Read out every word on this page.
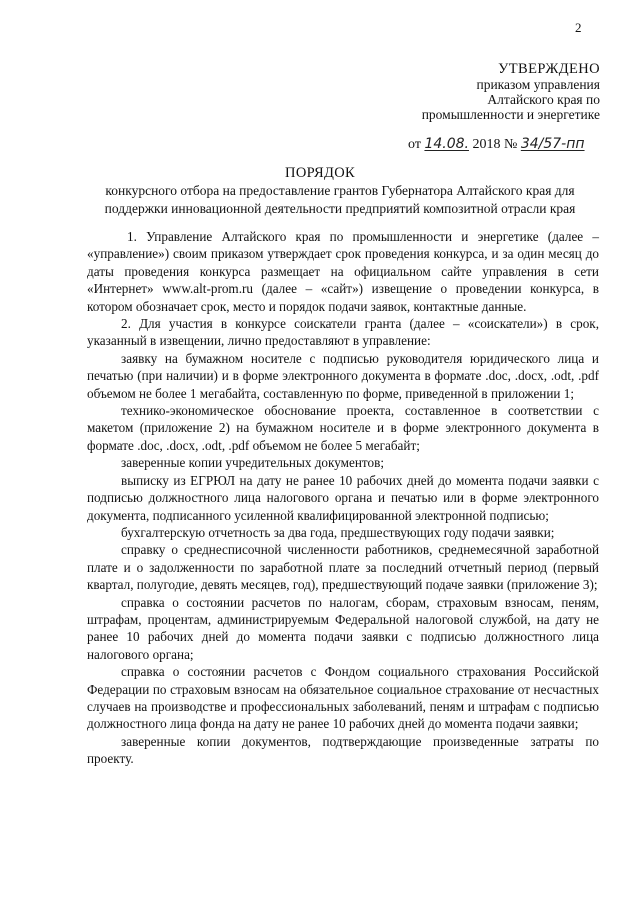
2
УТВЕРЖДЕНО
приказом управления
Алтайского края по
промышленности и энергетике
от 14.08. 2018 № 34/57-пп
ПОРЯДОК
конкурсного отбора на предоставление грантов Губернатора Алтайского края для поддержки инновационной деятельности предприятий композитной отрасли края

1. Управление Алтайского края по промышленности и энергетике (далее – «управление») своим приказом утверждает срок проведения конкурса, и за один месяц до даты проведения конкурса размещает на официальном сайте управления в сети «Интернет» www.alt-prom.ru (далее – «сайт») извещение о проведении конкурса, в котором обозначает срок, место и порядок подачи заявок, контактные данные.

2. Для участия в конкурсе соискатели гранта (далее – «соискатели») в срок, указанный в извещении, лично предоставляют в управление:

заявку на бумажном носителе с подписью руководителя юридического лица и печатью (при наличии) и в форме электронного документа в формате .doc, .docx, .odt, .pdf объемом не более 1 мегабайта, составленную по форме, приведенной в приложении 1;

технико-экономическое обоснование проекта, составленное в соответствии с макетом (приложение 2) на бумажном носителе и в форме электронного документа в формате .doc, .docx, .odt, .pdf объемом не более 5 мегабайт;

заверенные копии учредительных документов;

выписку из ЕГРЮЛ на дату не ранее 10 рабочих дней до момента подачи заявки с подписью должностного лица налогового органа и печатью или в форме электронного документа, подписанного усиленной квалифицированной электронной подписью;

бухгалтерскую отчетность за два года, предшествующих году подачи заявки;

справку о среднесписочной численности работников, среднемесячной заработной плате и о задолженности по заработной плате за последний отчетный период (первый квартал, полугодие, девять месяцев, год), предшествующий подаче заявки (приложение 3);

справка о состоянии расчетов по налогам, сборам, страховым взносам, пеням, штрафам, процентам, администрируемым Федеральной налоговой службой, на дату не ранее 10 рабочих дней до момента подачи заявки с подписью должностного лица налогового органа;

справка о состоянии расчетов с Фондом социального страхования Российской Федерации по страховым взносам на обязательное социальное страхование от несчастных случаев на производстве и профессиональных заболеваний, пеням и штрафам с подписью должностного лица фонда на дату не ранее 10 рабочих дней до момента подачи заявки;

заверенные копии документов, подтверждающие произведенные затраты по проекту.
